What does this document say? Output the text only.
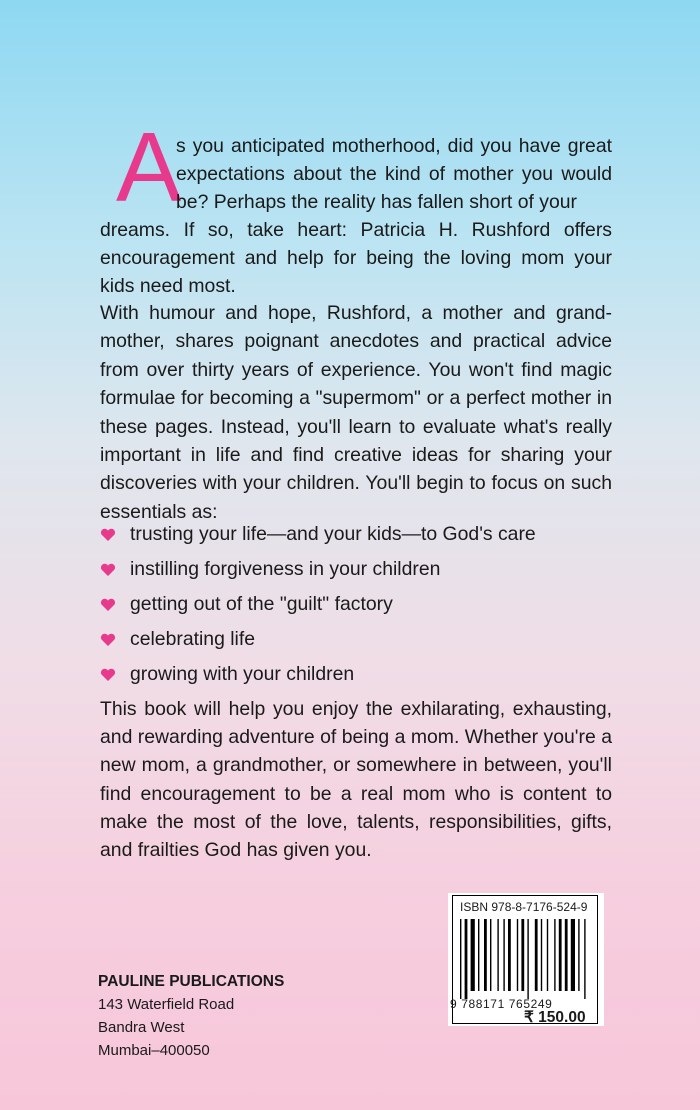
A
s you anticipated motherhood, did you have great expectations about the kind of mother you would be? Perhaps the reality has fallen short of your
dreams. If so, take heart: Patricia H. Rushford offers encouragement and help for being the loving mom your kids need most.
With humour and hope, Rushford, a mother and grand-mother, shares poignant anecdotes and practical advice from over thirty years of experience. You won't find magic formulae for becoming a "supermom" or a perfect mother in these pages. Instead, you'll learn to evaluate what's really important in life and find creative ideas for sharing your discoveries with your children. You'll begin to focus on such essentials as:
trusting your life—and your kids—to God's care
instilling forgiveness in your children
getting out of the "guilt" factory
celebrating life
growing with your children
This book will help you enjoy the exhilarating, exhausting, and rewarding adventure of being a mom. Whether you're a new mom, a grandmother, or somewhere in between, you'll find encouragement to be a real mom who is content to make the most of the love, talents, responsibilities, gifts, and frailties God has given you.
PAULINE PUBLICATIONS
143 Waterfield Road
Bandra West
Mumbai–400050
ISBN 978-8-7176-524-9
9 788171 765249
₹ 150.00
